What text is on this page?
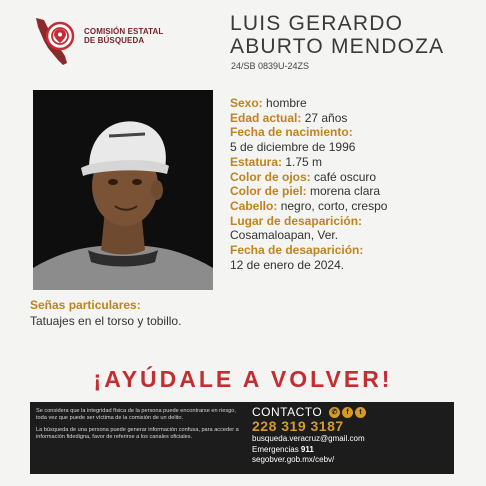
COMISIÓN ESTATAL
DE BÚSQUEDA
LUIS GERARDO
ABURTO MENDOZA
24/SB 0839U-24ZS
Sexo: hombre
Edad actual: 27 años
Fecha de nacimiento:
5 de diciembre de 1996
Estatura: 1.75 m
Color de ojos: café oscuro
Color de piel: morena clara
Cabello: negro, corto, crespo
Lugar de desaparición:
Cosamaloapan, Ver.
Fecha de desaparición:
12 de enero de 2024.
Señas particulares:
Tatuajes en el torso y tobillo.
¡AYÚDALE A VOLVER!

Se considera que la integridad física de la persona puede encontrarse en riesgo, toda vez que puede ser víctima de la comisión de un delito.

La búsqueda de una persona puede generar información confusa, para acceder a información fidedigna, favor de referirse a los canales oficiales.

CONTACTO	✆	f	t
228 319 3187
busqueda.veracruz@gmail.com
Emergencias 911
segobver.gob.mx/cebv/
